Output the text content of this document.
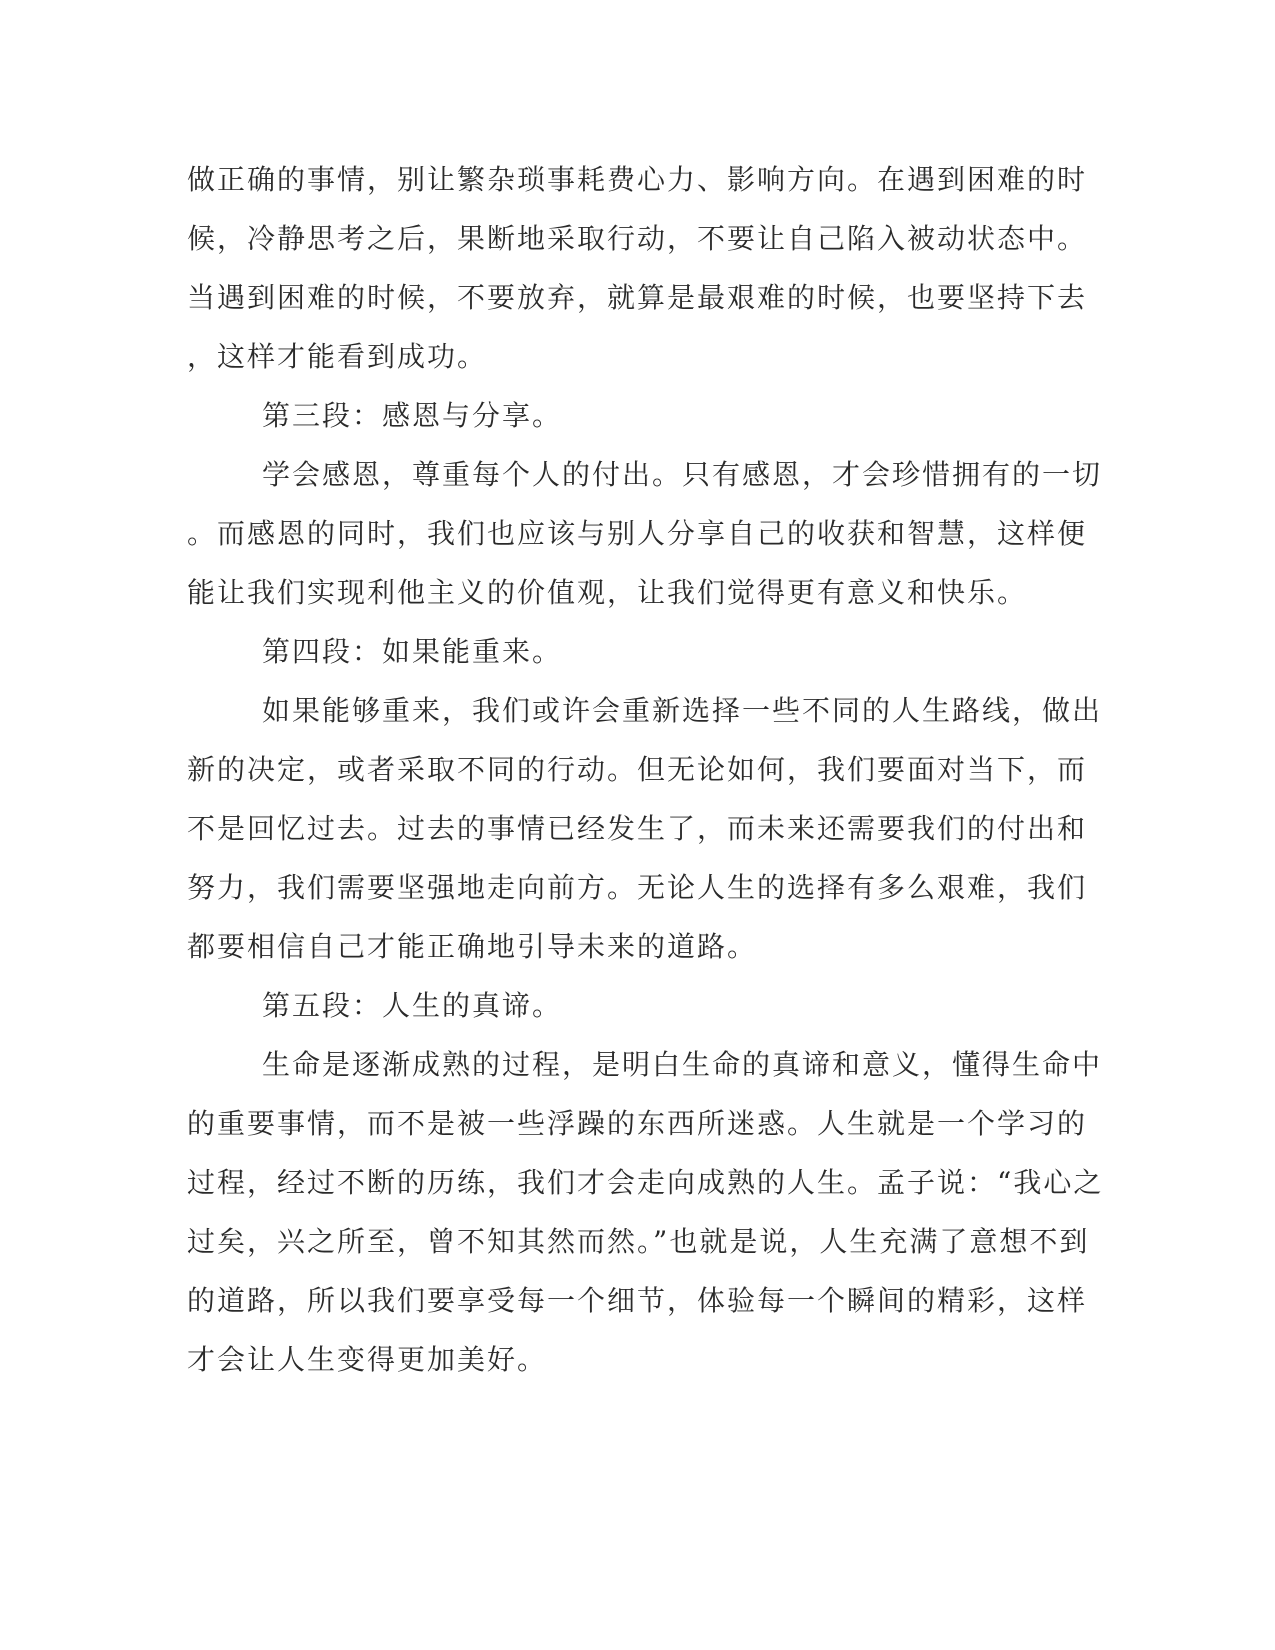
做正确的事情，别让繁杂琐事耗费心力、影响方向。在遇到困难的时
候，冷静思考之后，果断地采取行动，不要让自己陷入被动状态中。
当遇到困难的时候，不要放弃，就算是最艰难的时候，也要坚持下去
，这样才能看到成功。
第三段：感恩与分享。
学会感恩，尊重每个人的付出。只有感恩，才会珍惜拥有的一切
。而感恩的同时，我们也应该与别人分享自己的收获和智慧，这样便
能让我们实现利他主义的价值观，让我们觉得更有意义和快乐。
第四段：如果能重来。
如果能够重来，我们或许会重新选择一些不同的人生路线，做出
新的决定，或者采取不同的行动。但无论如何，我们要面对当下，而
不是回忆过去。过去的事情已经发生了，而未来还需要我们的付出和
努力，我们需要坚强地走向前方。无论人生的选择有多么艰难，我们
都要相信自己才能正确地引导未来的道路。
第五段：人生的真谛。
生命是逐渐成熟的过程，是明白生命的真谛和意义，懂得生命中
的重要事情，而不是被一些浮躁的东西所迷惑。人生就是一个学习的
过程，经过不断的历练，我们才会走向成熟的人生。孟子说：“我心之
过矣，兴之所至，曾不知其然而然。”也就是说，人生充满了意想不到
的道路，所以我们要享受每一个细节，体验每一个瞬间的精彩，这样
才会让人生变得更加美好。
